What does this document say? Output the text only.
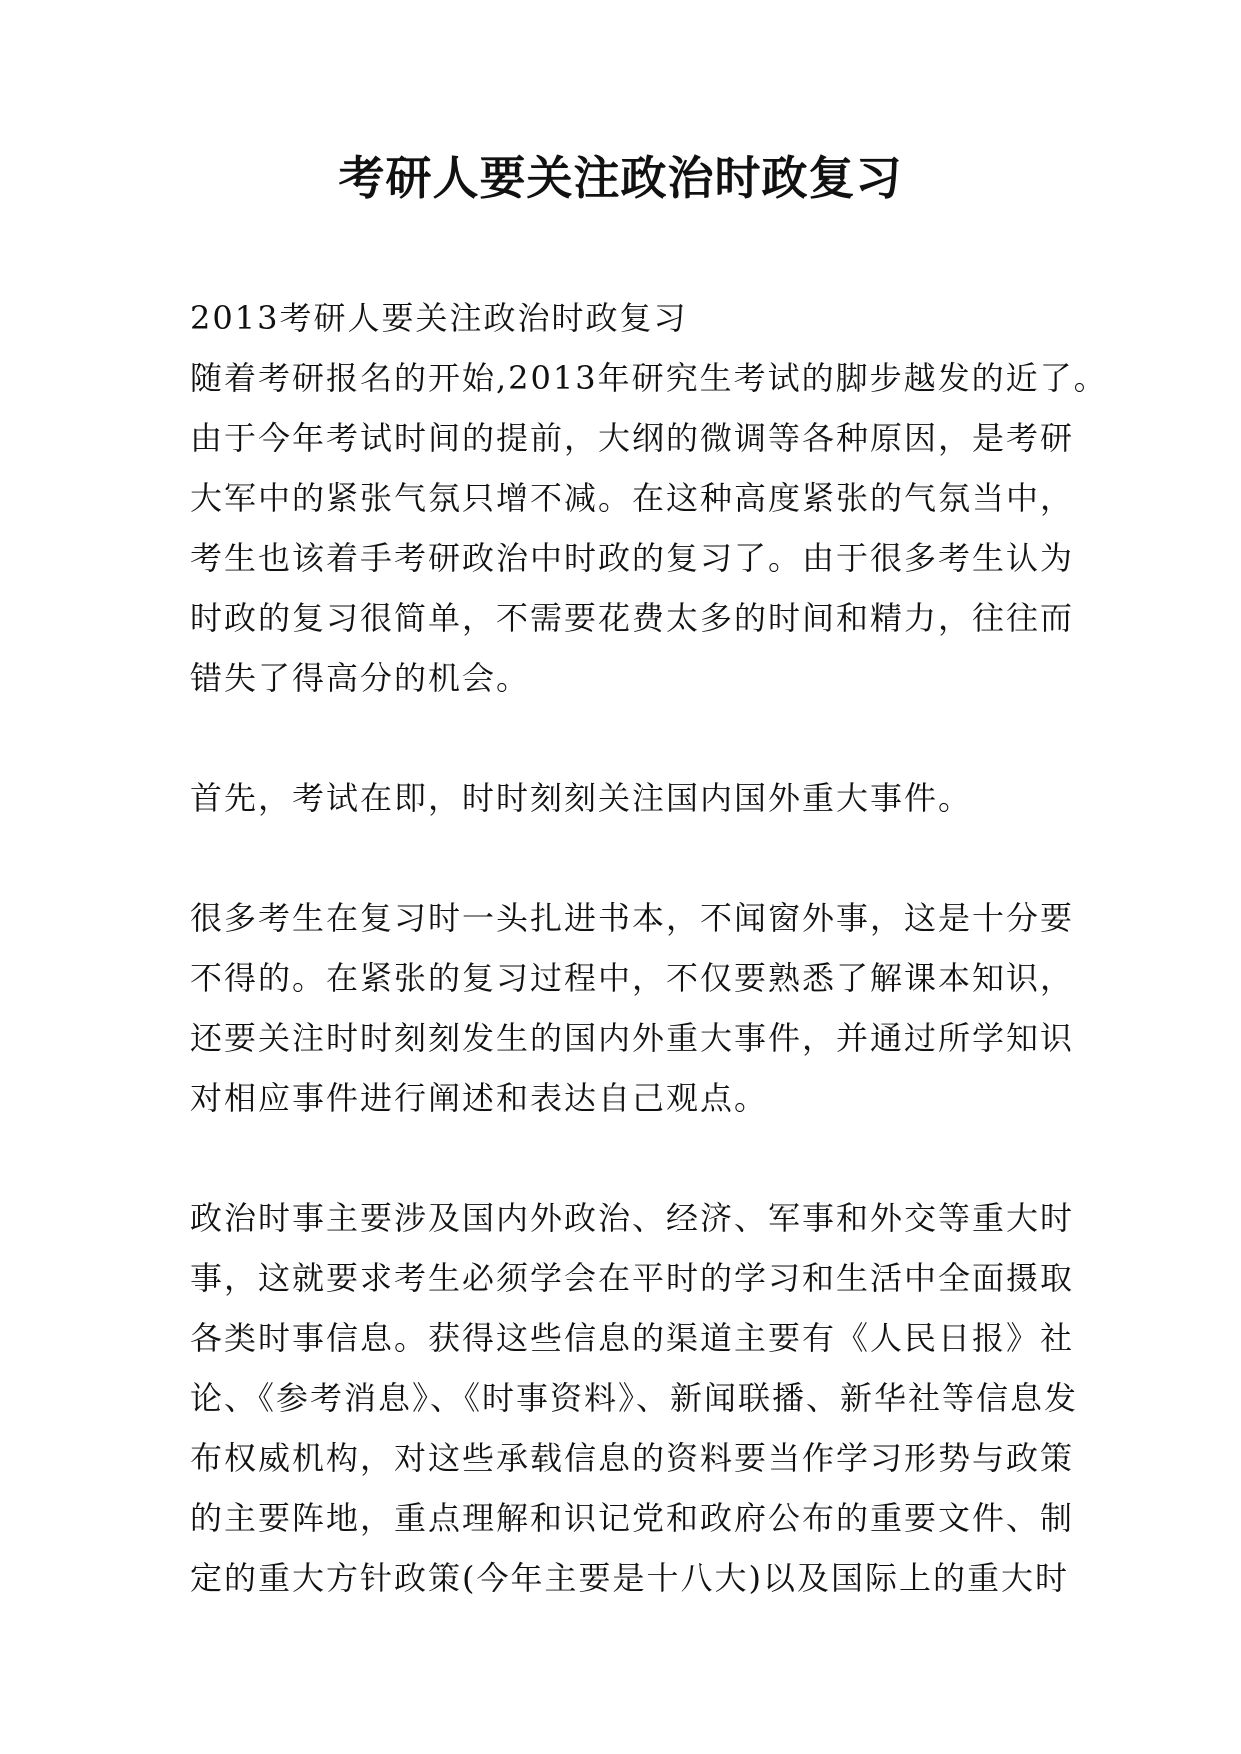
考研人要关注政治时政复习

2013考研人要关注政治时政复习

随着考研报名的开始,2013年研究生考试的脚步越发的近了。

由于今年考试时间的提前，大纲的微调等各种原因，是考研

大军中的紧张气氛只增不减。在这种高度紧张的气氛当中，

考生也该着手考研政治中时政的复习了。由于很多考生认为

时政的复习很简单，不需要花费太多的时间和精力，往往而

错失了得高分的机会。

首先，考试在即，时时刻刻关注国内国外重大事件。

很多考生在复习时一头扎进书本，不闻窗外事，这是十分要

不得的。在紧张的复习过程中，不仅要熟悉了解课本知识，

还要关注时时刻刻发生的国内外重大事件，并通过所学知识

对相应事件进行阐述和表达自己观点。

政治时事主要涉及国内外政治、经济、军事和外交等重大时

事，这就要求考生必须学会在平时的学习和生活中全面摄取

各类时事信息。获得这些信息的渠道主要有《人民日报》社

论、《参考消息》、《时事资料》、新闻联播、新华社等信息发

布权威机构，对这些承载信息的资料要当作学习形势与政策

的主要阵地，重点理解和识记党和政府公布的重要文件、制

定的重大方针政策(今年主要是十八大)以及国际上的重大时
